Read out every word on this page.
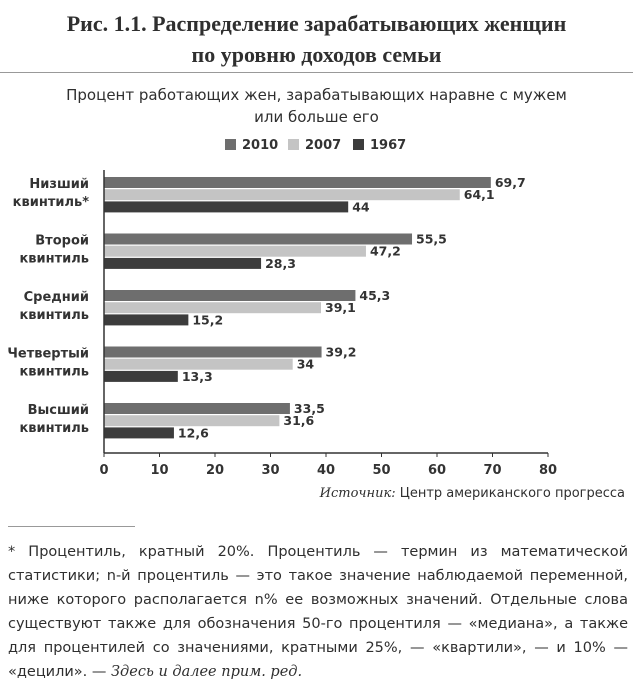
Рис. 1.1. Распределение зарабатывающих женщин
по уровню доходов семьи
Процент работающих жен, зарабатывающих наравне с мужем
или больше его
2010 2007 1967
Низший
квинтиль*
69,7
64,1
44
Второй
квинтиль
55,5
47,2
28,3
Средний
квинтиль
45,3
39,1
15,2
Четвертый
квинтиль
39,2
34
13,3
Высший
квинтиль
33,5
31,6
12,6
0	10	20	30	40	50	60	70	80
Источник: Центр американского прогресса
* Процентиль, кратный 20%. Процентиль — термин из математической статистики; n-й процентиль — это такое значение наблюдаемой переменной, ниже которого располагается n% ее возможных значений. Отдельные слова существуют также для обозначения 50-го процентиля — «медиана», а также для процентилей со значениями, кратными 25%, — «квартили», — и 10% — «децили». — Здесь и далее прим. ред.
